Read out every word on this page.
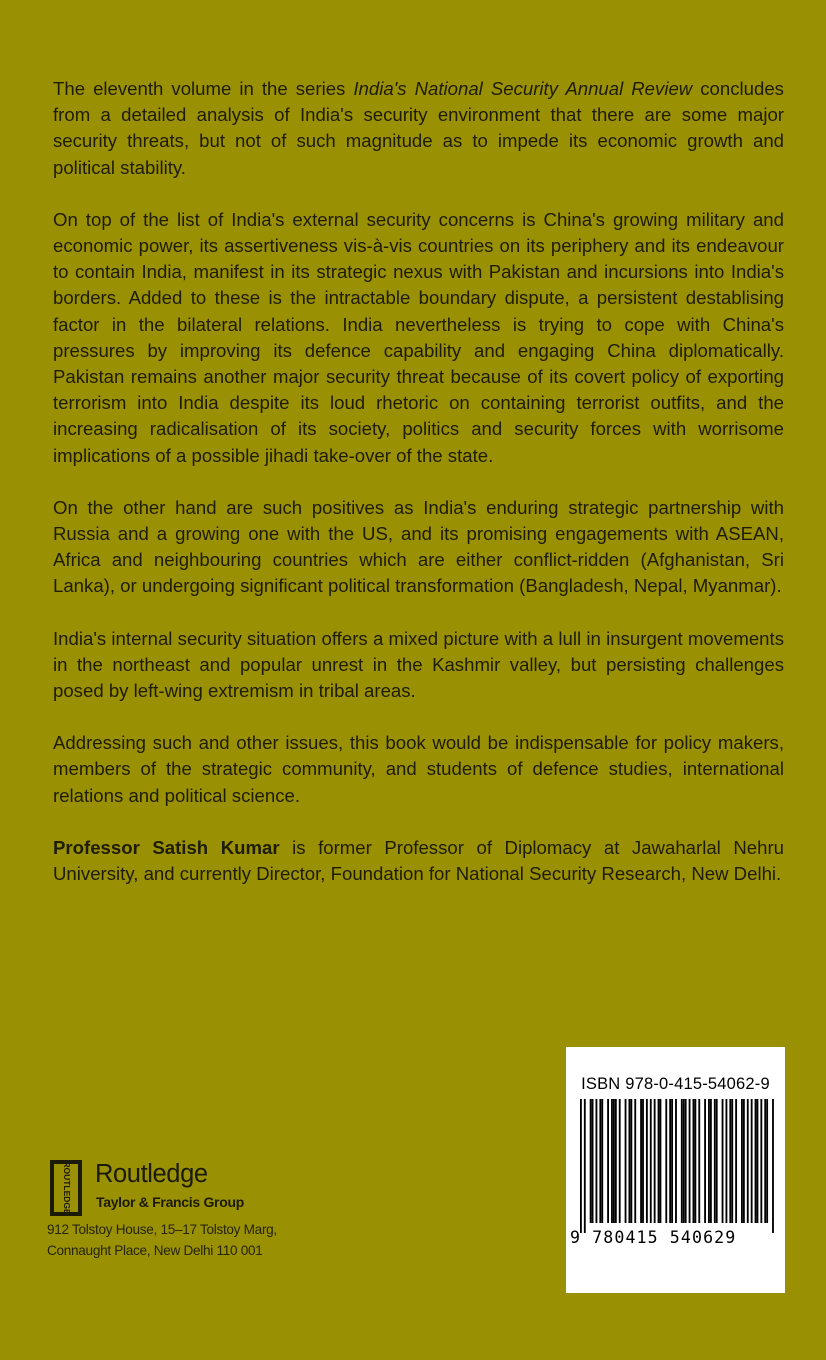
The eleventh volume in the series India's National Security Annual Review concludes from a detailed analysis of India's security environment that there are some major security threats, but not of such magnitude as to impede its economic growth and political stability.

On top of the list of India's external security concerns is China's growing military and economic power, its assertiveness vis-à-vis countries on its periphery and its endeavour to contain India, manifest in its strategic nexus with Pakistan and incursions into India's borders. Added to these is the intractable boundary dispute, a persistent destablising factor in the bilateral relations. India nevertheless is trying to cope with China's pressures by improving its defence capability and engaging China diplomatically. Pakistan remains another major security threat because of its covert policy of exporting terrorism into India despite its loud rhetoric on containing terrorist outfits, and the increasing radicalisation of its society, politics and security forces with worrisome implications of a possible jihadi take-over of the state.

On the other hand are such positives as India's enduring strategic partnership with Russia and a growing one with the US, and its promising engagements with ASEAN, Africa and neighbouring countries which are either conflict-ridden (Afghanistan, Sri Lanka), or undergoing significant political transformation (Bangladesh, Nepal, Myanmar).

India's internal security situation offers a mixed picture with a lull in insurgent movements in the northeast and popular unrest in the Kashmir valley, but persisting challenges posed by left-wing extremism in tribal areas.

Addressing such and other issues, this book would be indispensable for policy makers, members of the strategic community, and students of defence studies, international relations and political science.

Professor Satish Kumar is former Professor of Diplomacy at Jawaharlal Nehru University, and currently Director, Foundation for National Security Research, New Delhi.

ROUTLEDGE Routledge
Taylor & Francis Group
912 Tolstoy House, 15–17 Tolstoy Marg,
Connaught Place, New Delhi 110 001
ISBN 978-0-415-54062-9
9 780415 540629
